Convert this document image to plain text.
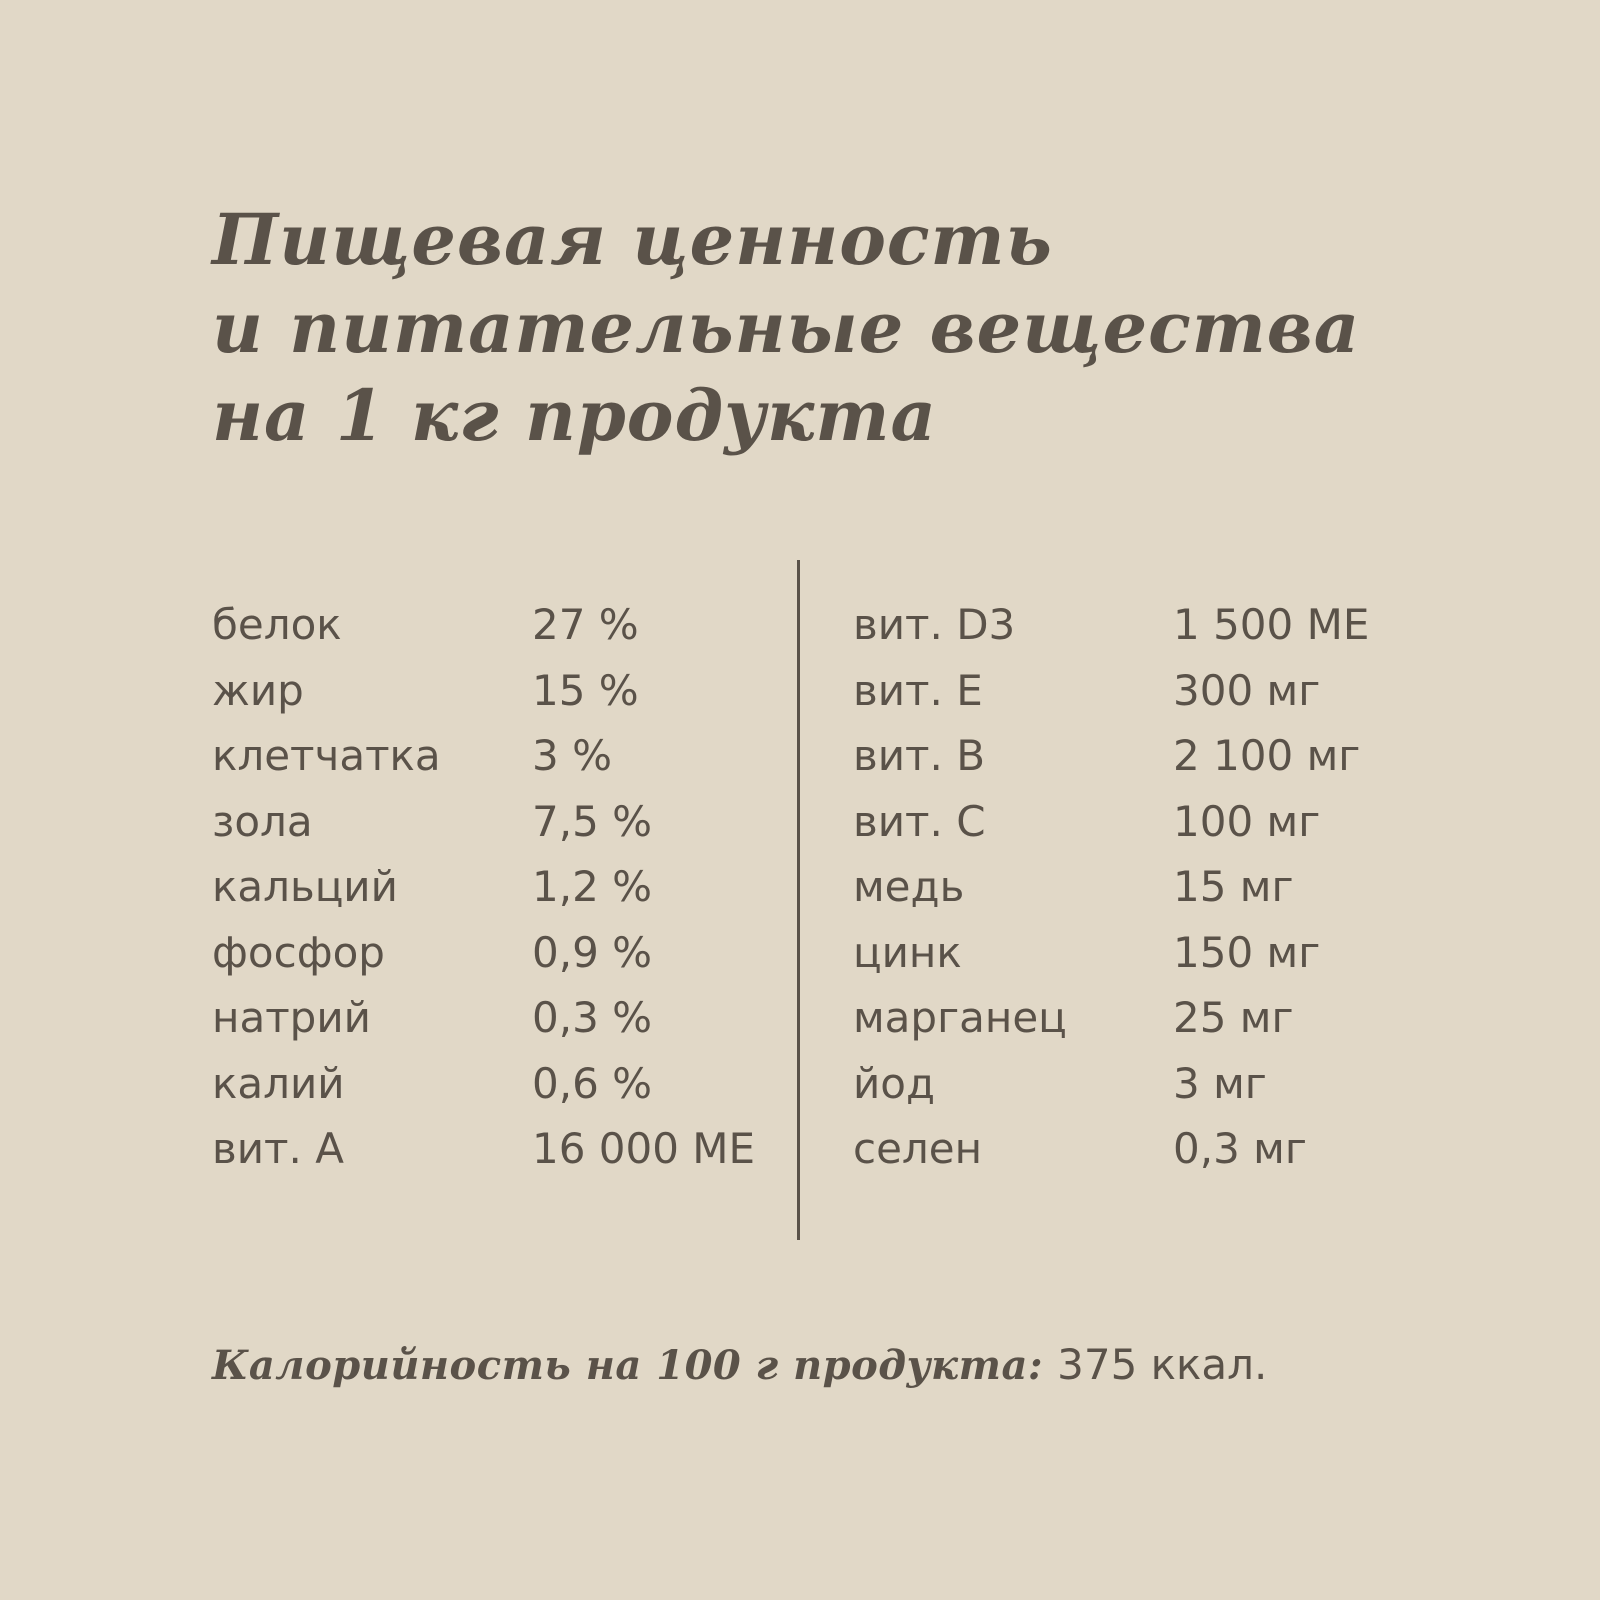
Пищевая ценность
и питательные вещества
на 1 кг продукта
белок	27 %
жир	15 %
клетчатка	3 %
зола	7,5 %
кальций	1,2 %
фосфор	0,9 %
натрий	0,3 %
калий	0,6 %
вит. А	16 000 МЕ
вит. D3	1 500 МЕ
вит. Е	300 мг
вит. В	2 100 мг
вит. С	100 мг
медь	15 мг
цинк	150 мг
марганец	25 мг
йод	3 мг
селен	0,3 мг

Калорийность на 100 г продукта: 375 ккал.
